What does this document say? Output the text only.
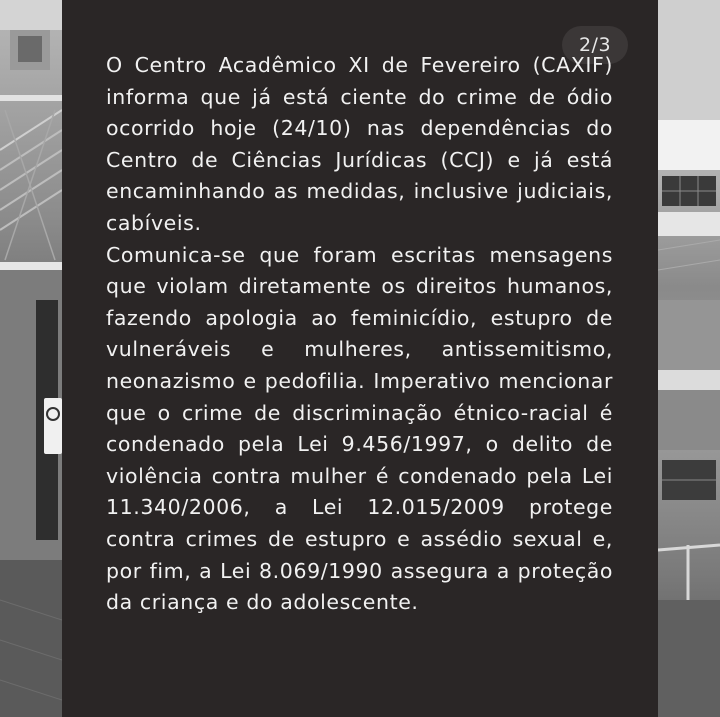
2/3

O Centro Acadêmico XI de Fevereiro (CAXIF) informa que já está ciente do crime de ódio ocorrido hoje (24/10) nas dependências do Centro de Ciências Jurídicas (CCJ) e já está encaminhando as medidas, inclusive judiciais, cabíveis.

Comunica-se que foram escritas mensagens que violam diretamente os direitos humanos, fazendo apologia ao feminicídio, estupro de vulneráveis e mulheres, antissemitismo, neonazismo e pedofilia. Imperativo mencionar que o crime de discriminação étnico-racial é condenado pela Lei 9.456/1997, o delito de violência contra mulher é condenado pela Lei 11.340/2006, a Lei 12.015/2009 protege contra crimes de estupro e assédio sexual e, por fim, a Lei 8.069/1990 assegura a proteção da criança e do adolescente.
